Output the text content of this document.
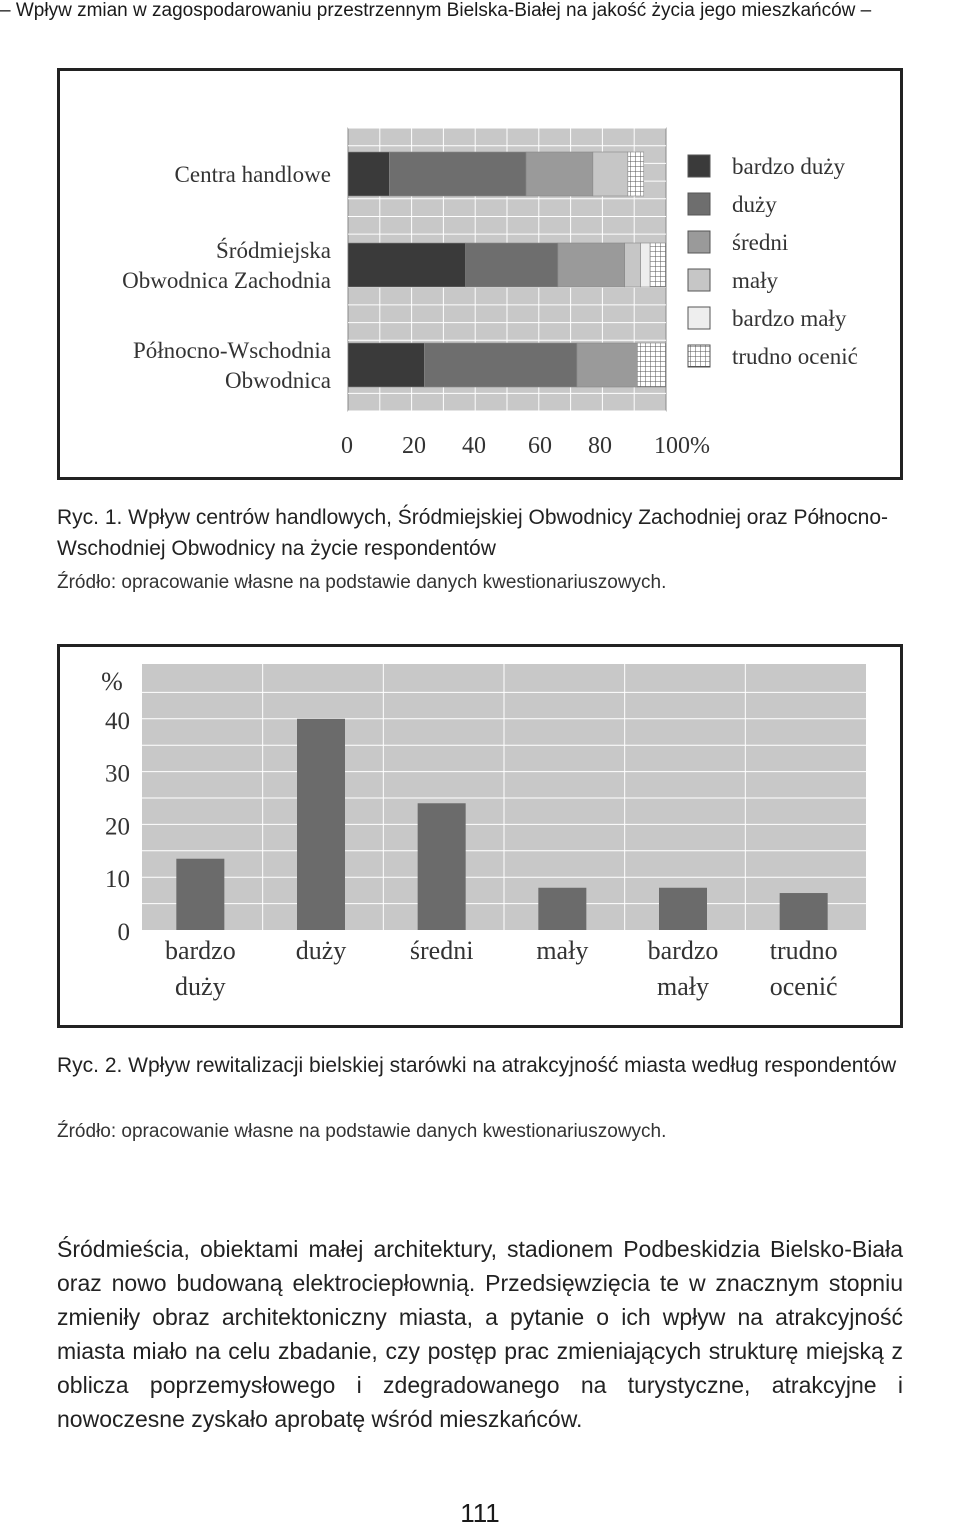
– Wpływ zmian w zagospodarowaniu przestrzennym Bielska-Białej na jakość życia jego mieszkańców –
Centra handlowe
Śródmiejska
Obwodnica Zachodnia
Północno-Wschodnia
Obwodnica
0 20 40 60 80 100%
bardzo duży
duży
średni
mały
bardzo mały
trudno ocenić
Ryc. 1. Wpływ centrów handlowych, Śródmiejskiej Obwodnicy Zachodniej oraz Północno-Wschodniej Obwodnicy na życie respondentów
Źródło: opracowanie własne na podstawie danych kwestionariuszowych.
0
10
20
30
40
%
bardzo
duży
duży średni mały bardzo
mały
trudno
ocenić
Ryc. 2. Wpływ rewitalizacji bielskiej starówki na atrakcyjność miasta według respondentów
Źródło: opracowanie własne na podstawie danych kwestionariuszowych.
Śródmieścia, obiektami małej architektury, stadionem Podbeskidzia Bielsko-Biała oraz nowo budowaną elektrociepłownią. Przedsięwzięcia te w znacznym stopniu zmieniły obraz architektoniczny miasta, a pytanie o ich wpływ na atrakcyjność miasta miało na celu zbadanie, czy postęp prac zmieniających strukturę miejską z oblicza poprzemysłowego i zdegradowanego na turystyczne, atrakcyjne i nowoczesne zyskało aprobatę wśród mieszkańców.
111
